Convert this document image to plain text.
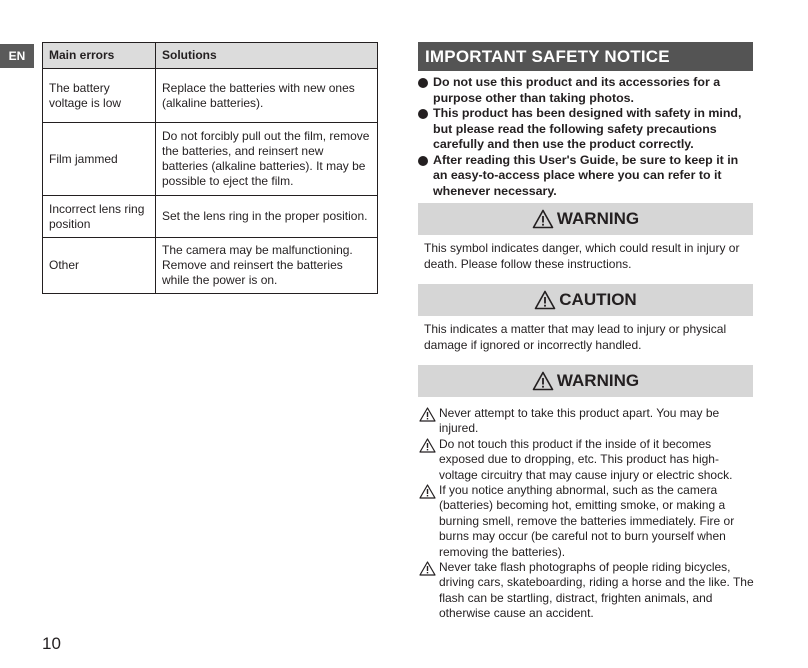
EN	Main errors	Solutions
The battery voltage is low	Replace the batteries with new ones (alkaline batteries).
Film jammed	Do not forcibly pull out the film, remove the batteries, and reinsert new batteries (alkaline batteries). It may be possible to eject the film.
Incorrect lens ring position	Set the lens ring in the proper position.
Other	The camera may be malfunctioning. Remove and reinsert the batteries while the power is on.
IMPORTANT SAFETY NOTICE
Do not use this product and its accessories for a purpose other than taking photos.
This product has been designed with safety in mind, but please read the following safety precautions carefully and then use the product correctly.
After reading this User's Guide, be sure to keep it in an easy-to-access place where you can refer to it whenever necessary.
WARNING
This symbol indicates danger, which could result in injury or death. Please follow these instructions.
CAUTION
This indicates a matter that may lead to injury or physical damage if ignored or incorrectly handled.
WARNING
Never attempt to take this product apart. You may be injured.
Do not touch this product if the inside of it becomes exposed due to dropping, etc. This product has high-voltage circuitry that may cause injury or electric shock.
If you notice anything abnormal, such as the camera (batteries) becoming hot, emitting smoke, or making a burning smell, remove the batteries immediately. Fire or burns may occur (be careful not to burn yourself when removing the batteries).
Never take flash photographs of people riding bicycles, driving cars, skateboarding, riding a horse and the like. The flash can be startling, distract, frighten animals, and otherwise cause an accident.
10
